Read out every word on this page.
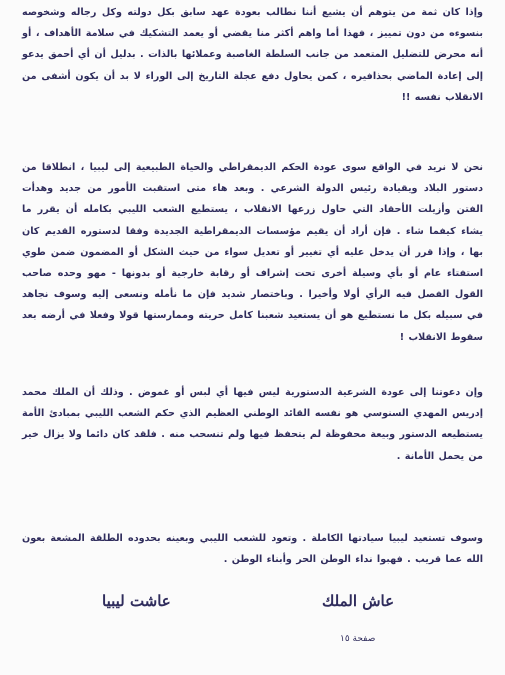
وإذا كان ثمة من يتوهم أن يشيع أننا نطالب بعودة عهد سابق بكل دولته وكل رجاله وشخوصه بنسوءه من دون تمييز ، فهذا أما واهم أكثر منا يقضي أو يعمد التشكيك في سلامة الأهداف ، أو أنه محرض للتضليل المتعمد من جانب السلطة الغاصبة وعملائها بالذات . بدليل أن أي أحمق يدعو إلى إعادة الماضي بحذافيره ، كمن يحاول دفع عجلة التاريخ إلى الوراء لا بد أن يكون أشفى من الانقلاب نفسه !!
نحن لا نريد في الواقع سوى عودة الحكم الديمقراطي والحياة الطبيعية إلى ليبيا ، انطلاقا من دستور البلاد ويقيادة رئيس الدولة الشرعي . وبعد هاء متى استقبت الأمور من جديد وهدأت الفتن وأزيلت الأحقاد التي حاول زرعها الانقلاب ، يستطيع الشعب الليبي بكامله أن يقرر ما يشاء كيفما شاء . فإن أراد أن يقيم مؤسسات الديمقراطية الجديدة وفقا لدستوره القديم كان بها ، وإذا قرر أن يدخل عليه أي تغيير أو تعديل سواء من حيث الشكل أو المضمون ضمن طوي استفتاء عام أو بأي وسيلة أخرى تحت إشراف أو رقابة خارجية أو بدونها - مهو وحده صاحب القول الفصل فيه الرأي أولا وأخيرا . وباختصار شديد فإن ما نأمله ونسعى إليه وسوف نجاهد في سبيله بكل ما نستطيع هو أن يستعيد شعبنا كامل حريته وممارستها قولا وفعلا في أرضه بعد سقوط الانقلاب !
وإن دعوتنا إلى عودة الشرعية الدستورية ليس فيها أي لبس أو غموض . وذلك أن الملك محمد إدريس المهدي السنوسي هو نفسه القائد الوطني العظيم الذي حكم الشعب الليبي بمبادئ الأمة يستطيعه الدستور وبيعة محفوظة لم يتحفظ فيها ولم تنسحب منه . فلقد كان دائما ولا يزال خير من يحمل الأمانة .
وسوف تستعيد ليبيا سيادتها الكاملة . وتعود للشعب الليبي وبعينه بحدوده الطلقة المشعة بعون الله عما قريب . فهبوا نداء الوطن الحر وأبناء الوطن .
عاش الملك
عاشت ليبيا
صفحة ١٥
